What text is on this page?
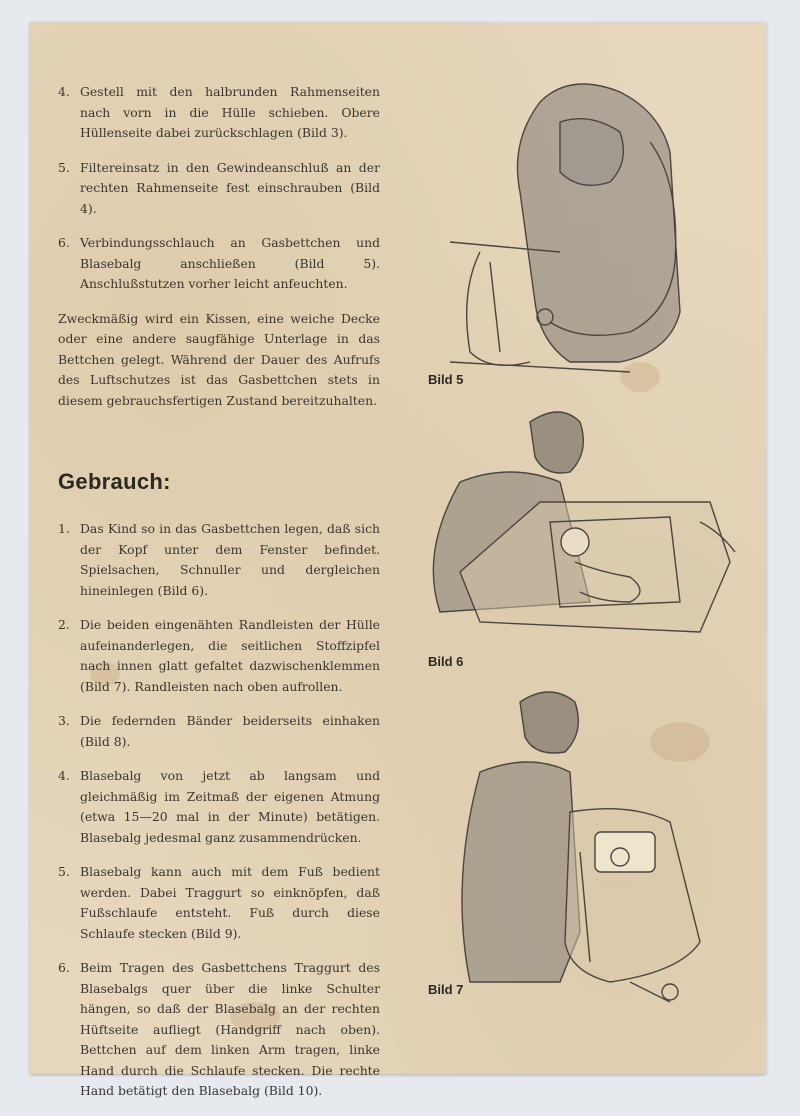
4. Gestell mit den halbrunden Rahmenseiten nach vorn in die Hülle schieben. Obere Hüllenseite dabei zurückschlagen (Bild 3).
5. Filtereinsatz in den Gewindeanschluß an der rechten Rahmenseite fest einschrauben (Bild 4).
6. Verbindungsschlauch an Gasbettchen und Blasebalg anschließen (Bild 5). Anschlußstutzen vorher leicht anfeuchten.

Zweckmäßig wird ein Kissen, eine weiche Decke oder eine andere saugfähige Unterlage in das Bettchen gelegt. Während der Dauer des Aufrufs des Luftschutzes ist das Gasbettchen stets in diesem gebrauchsfertigen Zustand bereitzuhalten.

Gebrauch:
1. Das Kind so in das Gasbettchen legen, daß sich der Kopf unter dem Fenster befindet. Spielsachen, Schnuller und dergleichen hineinlegen (Bild 6).
2. Die beiden eingenähten Randleisten der Hülle aufeinanderlegen, die seitlichen Stoffzipfel nach innen glatt gefaltet dazwischenklemmen (Bild 7). Randleisten nach oben aufrollen.
3. Die federnden Bänder beiderseits einhaken (Bild 8).
4. Blasebalg von jetzt ab langsam und gleichmäßig im Zeitmaß der eigenen Atmung (etwa 15—20 mal in der Minute) betätigen. Blasebalg jedesmal ganz zusammendrücken.
5. Blasebalg kann auch mit dem Fuß bedient werden. Dabei Traggurt so einknöpfen, daß Fußschlaufe entsteht. Fuß durch diese Schlaufe stecken (Bild 9).
6. Beim Tragen des Gasbettchens Traggurt des Blasebalgs quer über die linke Schulter hängen, so daß der Blasebalg an der rechten Hüftseite aufliegt (Handgriff nach oben). Bettchen auf dem linken Arm tragen, linke Hand durch die Schlaufe stecken. Die rechte Hand betätigt den Blasebalg (Bild 10).
Bild 5
Bild 6
Bild 7
